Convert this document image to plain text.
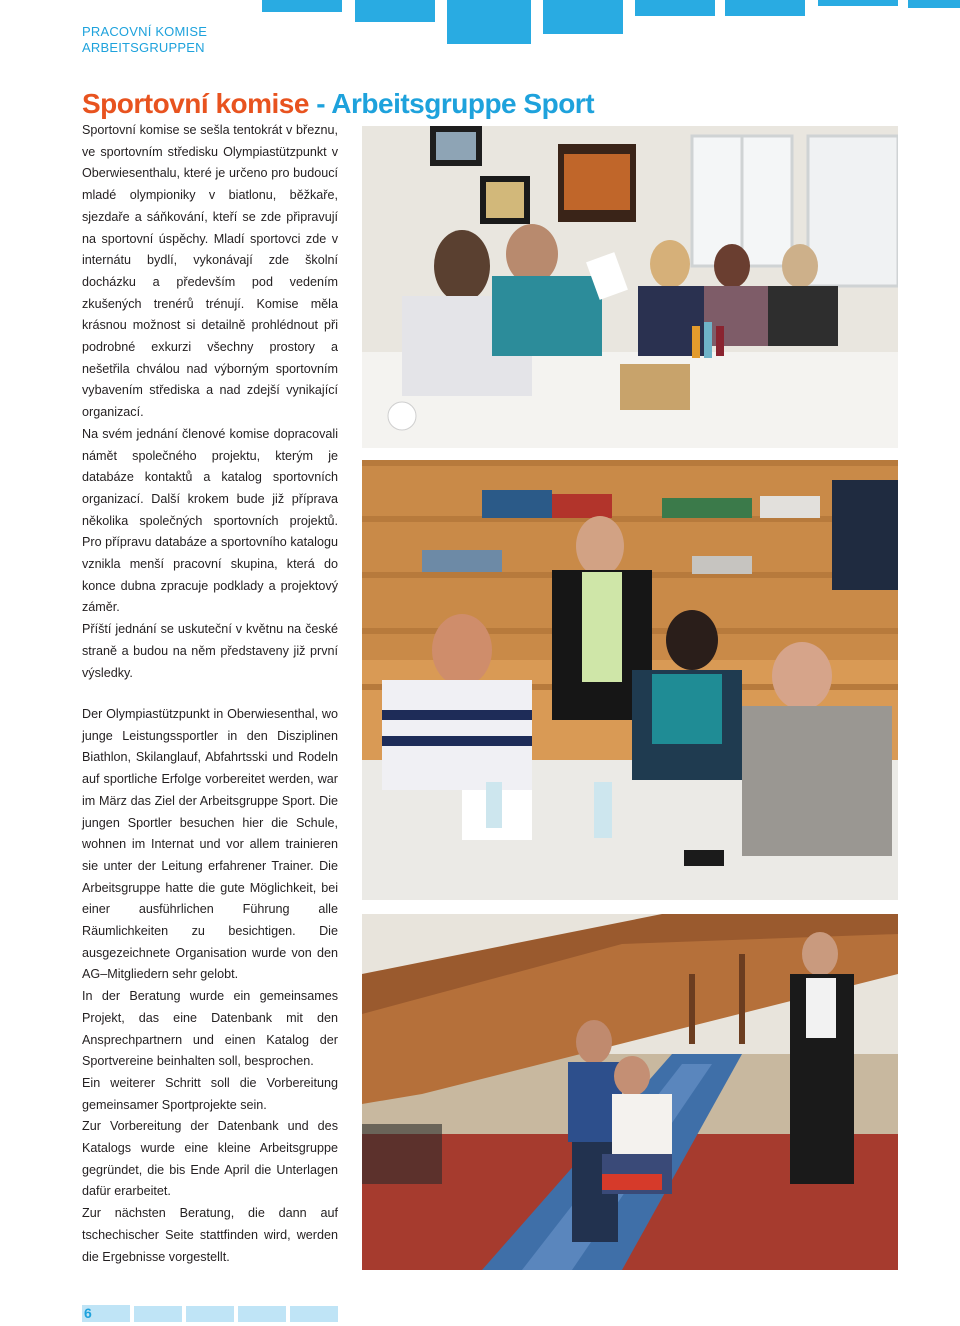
PRACOVNÍ KOMISE
ARBEITSGRUPPEN
Sportovní komise - Arbeitsgruppe Sport

Sportovní komise se sešla tentokrát v březnu, ve sportovním středisku Olympiastützpunkt v Oberwiesenthalu, které je určeno pro budoucí mladé olympioniky v biatlonu, běžkaře, sjezdaře a sáňkování, kteří se zde připravují na sportovní úspěchy. Mladí sportovci zde v internátu bydlí, vykonávají zde školní docházku a především pod vedením zkušených trenérů trénují. Komise měla krásnou možnost si detailně prohlédnout při podrobné exkurzi všechny prostory a nešetřila chválou nad výborným sportovním vybavením střediska a nad zdejší vynikající organizací.

Na svém jednání členové komise dopracovali námět společného projektu, kterým je databáze kontaktů a katalog sportovních organizací. Další krokem bude již příprava několika společných sportovních projektů. Pro přípravu databáze a sportovního katalogu vznikla menší pracovní skupina, která do konce dubna zpracuje podklady a projektový záměr.

Příští jednání se uskuteční v květnu na české straně a budou na něm představeny již první výsledky.

Der Olympiastützpunkt in Oberwiesenthal, wo junge Leistungssportler in den Disziplinen Biathlon, Skilanglauf, Abfahrtsski und Rodeln auf sportliche Erfolge vorbereitet werden, war im März das Ziel der Arbeitsgruppe Sport. Die jungen Sportler besuchen hier die Schule, wohnen im Internat und vor allem trainieren sie unter der Leitung erfahrener Trainer. Die Arbeitsgruppe hatte die gute Möglichkeit, bei einer ausführlichen Führung alle Räumlichkeiten zu besichtigen. Die ausgezeichnete Organisation wurde von den AG–Mitgliedern sehr gelobt.

In der Beratung wurde ein gemeinsames Projekt, das eine Datenbank mit den Ansprechpartnern und einen Katalog der Sportvereine beinhalten soll, besprochen.

Ein weiterer Schritt soll die Vorbereitung gemeinsamer Sportprojekte sein.

Zur Vorbereitung der Datenbank und des Katalogs wurde eine kleine Arbeitsgruppe gegründet, die bis Ende April die Unterlagen dafür erarbeitet.

Zur nächsten Beratung, die dann auf tschechischer Seite stattfinden wird, werden die Ergebnisse vorgestellt.

6
